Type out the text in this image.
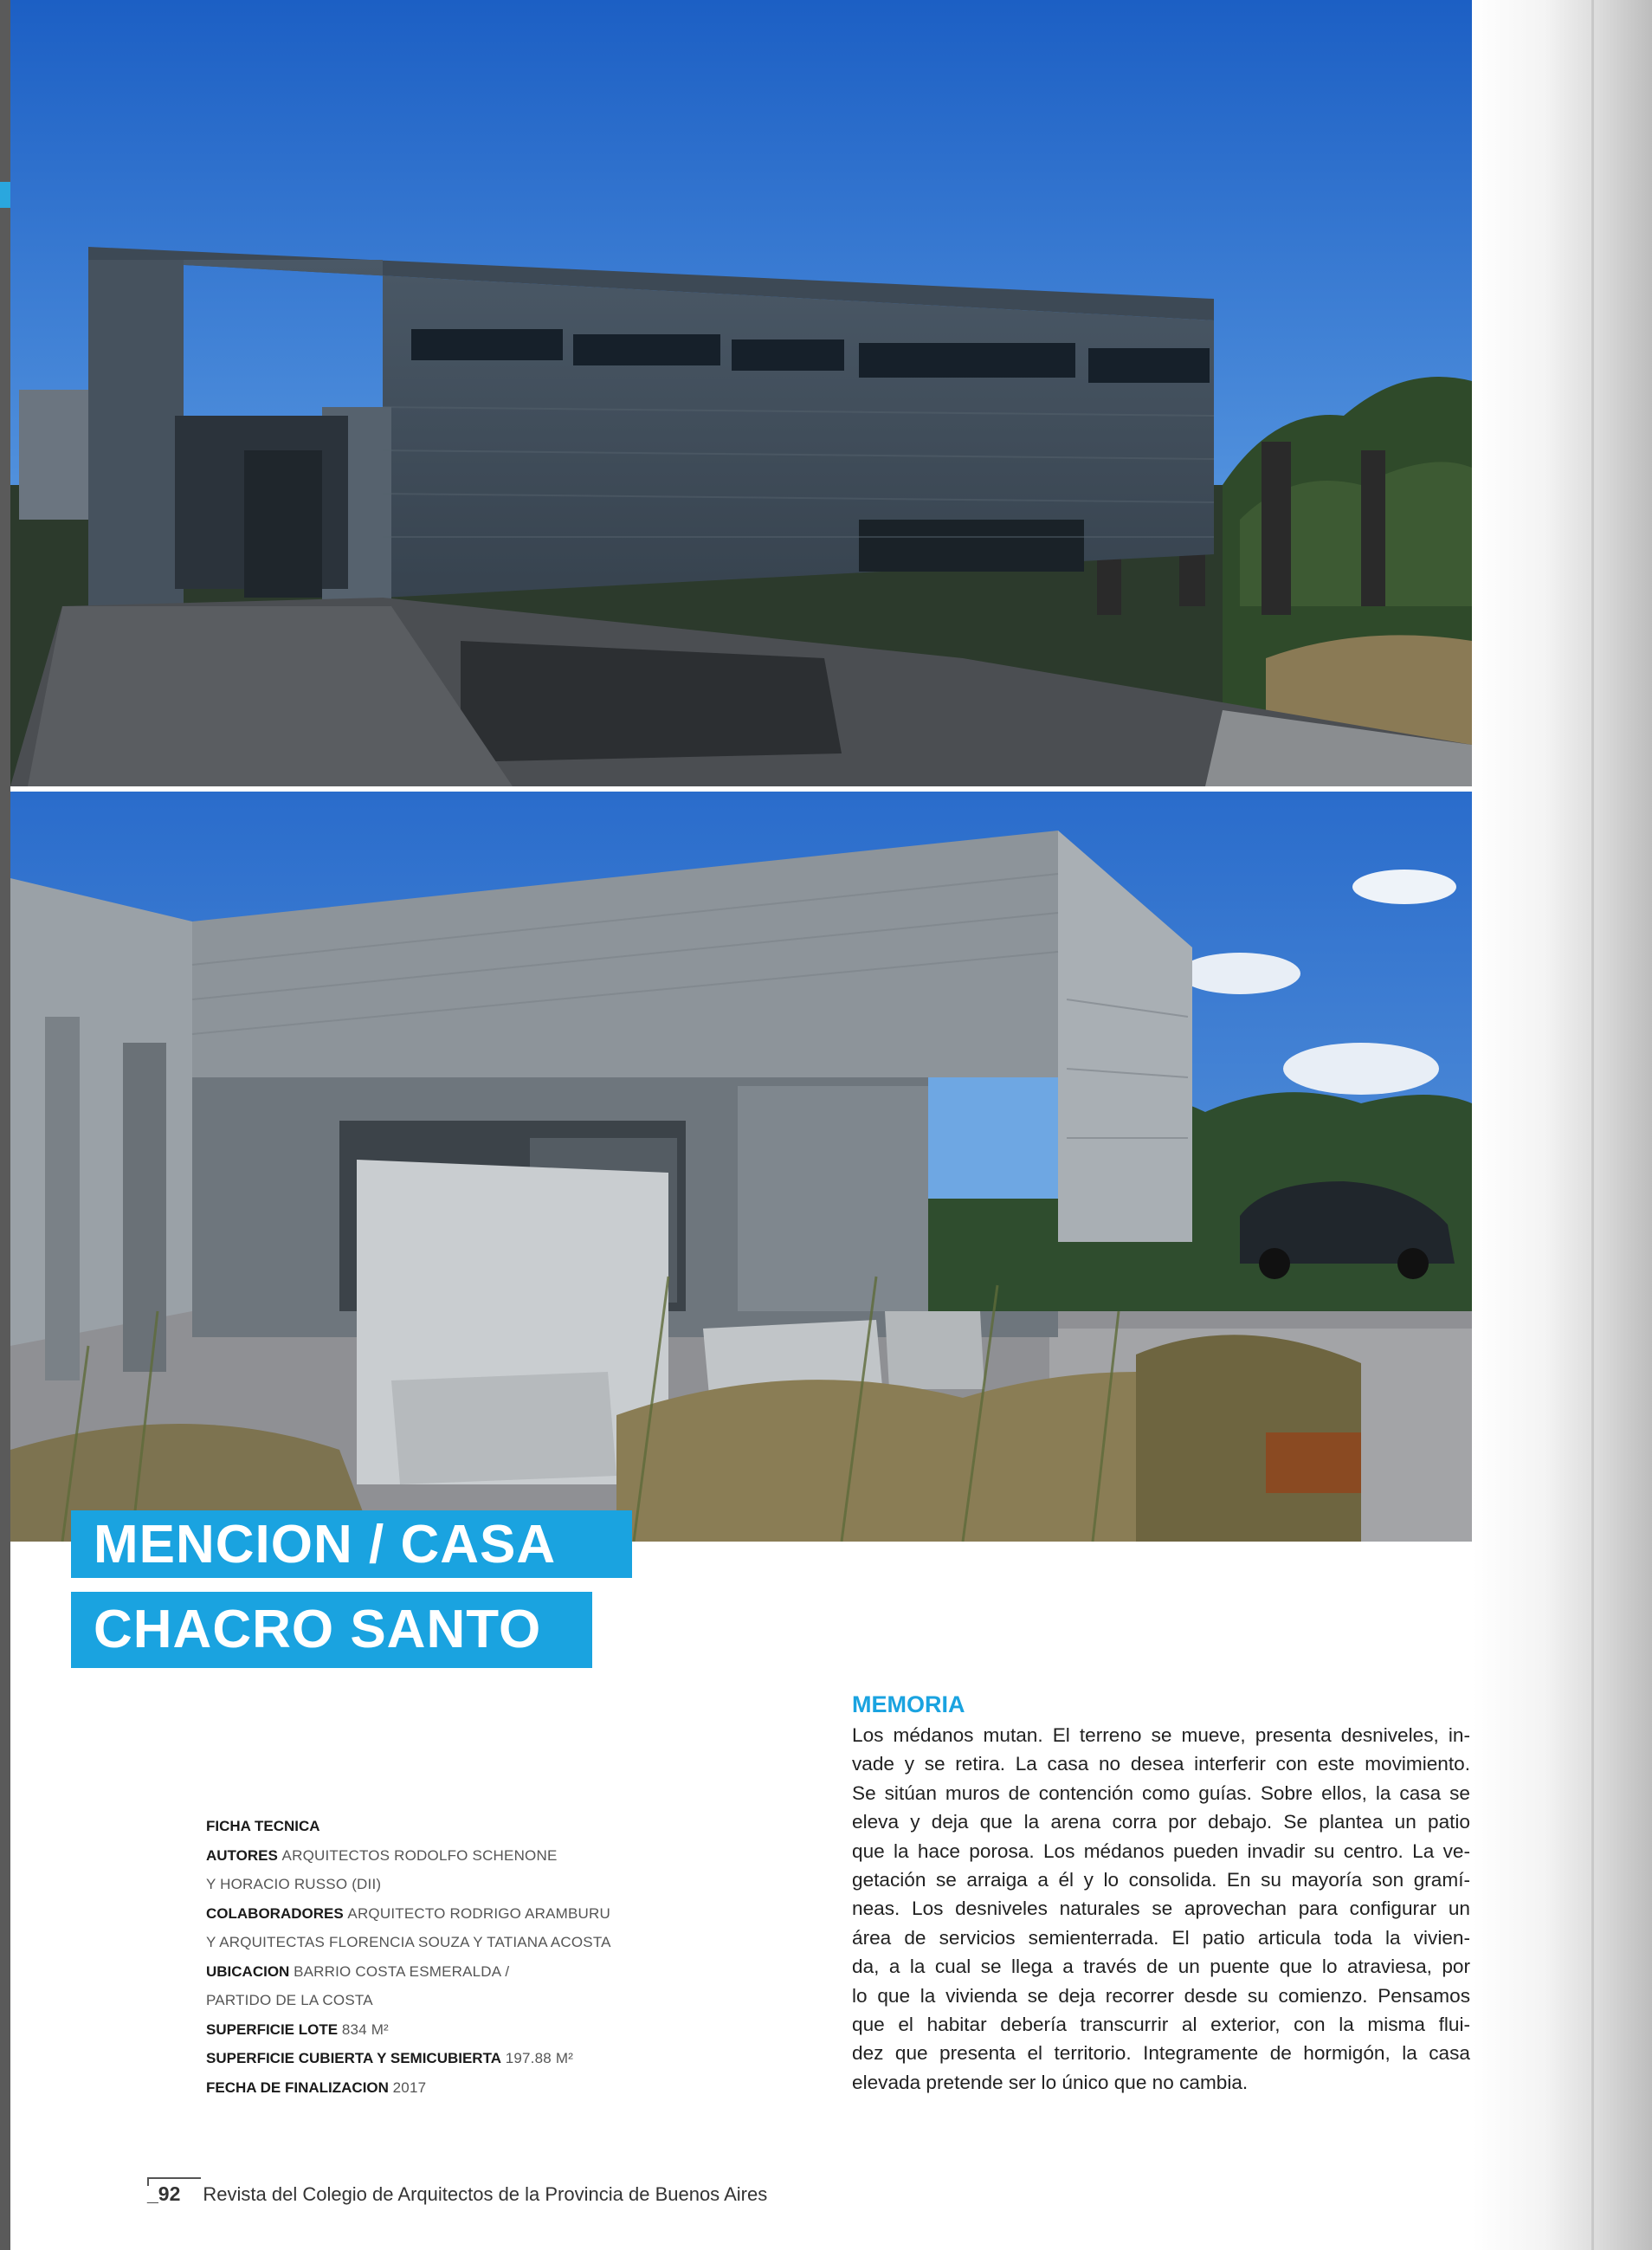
MENCION / CASA
CHACRO SANTO
FICHA TECNICA
AUTORES ARQUITECTOS RODOLFO SCHENONE
Y HORACIO RUSSO (DII)
COLABORADORES ARQUITECTO RODRIGO ARAMBURU
Y ARQUITECTAS FLORENCIA SOUZA Y TATIANA ACOSTA
UBICACION BARRIO COSTA ESMERALDA /
PARTIDO DE LA COSTA
SUPERFICIE LOTE 834 M²
SUPERFICIE CUBIERTA Y SEMICUBIERTA 197.88 M²
FECHA DE FINALIZACION 2017
MEMORIA
Los médanos mutan. El terreno se mueve, presenta desniveles, in-
vade y se retira. La casa no desea interferir con este movimiento.
Se sitúan muros de contención como guías. Sobre ellos, la casa se
eleva y deja que la arena corra por debajo. Se plantea un patio
que la hace porosa. Los médanos pueden invadir su centro. La ve-
getación se arraiga a él y lo consolida. En su mayoría son gramí-
neas. Los desniveles naturales se aprovechan para configurar un
área de servicios semienterrada. El patio articula toda la vivien-
da, a la cual se llega a través de un puente que lo atraviesa, por
lo que la vivienda se deja recorrer desde su comienzo. Pensamos
que el habitar debería transcurrir al exterior, con la misma flui-
dez que presenta el territorio. Integramente de hormigón, la casa
elevada pretende ser lo único que no cambia.
_92 Revista del Colegio de Arquitectos de la Provincia de Buenos Aires
